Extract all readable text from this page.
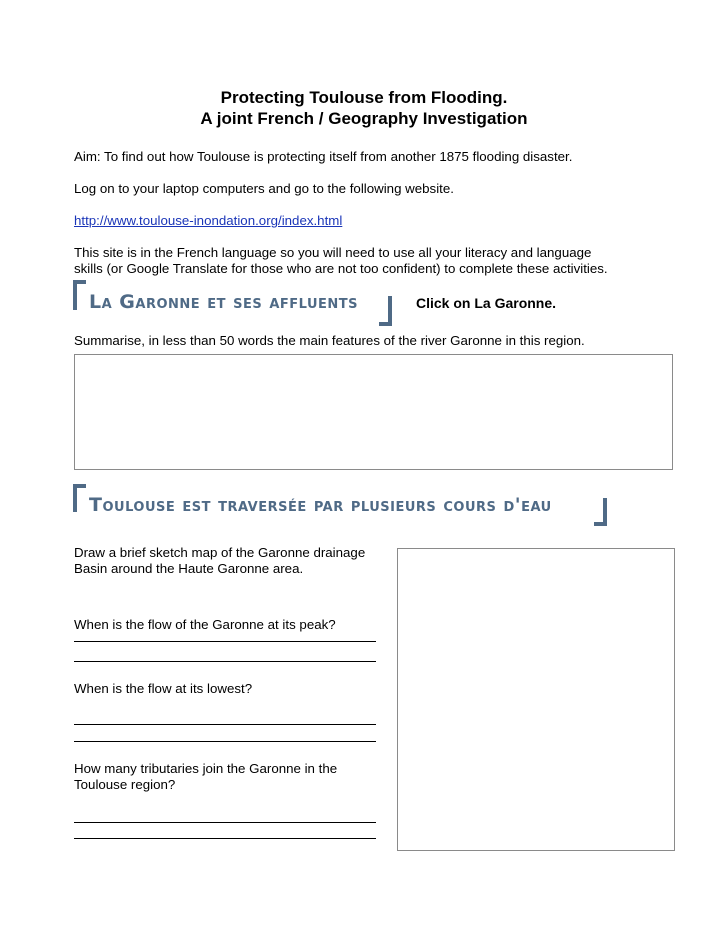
Protecting Toulouse from Flooding.
A joint French / Geography Investigation
Aim: To find out how Toulouse is protecting itself from another 1875 flooding disaster.
Log on to your laptop computers and go to the following website.
http://www.toulouse-inondation.org/index.html
This site is in the French language so you will need to use all your literacy and language
skills (or Google Translate for those who are not too confident) to complete these activities.
La Garonne et ses affluents	Click on La Garonne.
Summarise, in less than 50 words the main features of the river Garonne in this region.
Toulouse est traversée par plusieurs cours d'eau
Draw a brief sketch map of the Garonne drainage
Basin around the Haute Garonne area.
When is the flow of the Garonne at its peak?
When is the flow at its lowest?
How many tributaries join the Garonne in the
Toulouse region?
